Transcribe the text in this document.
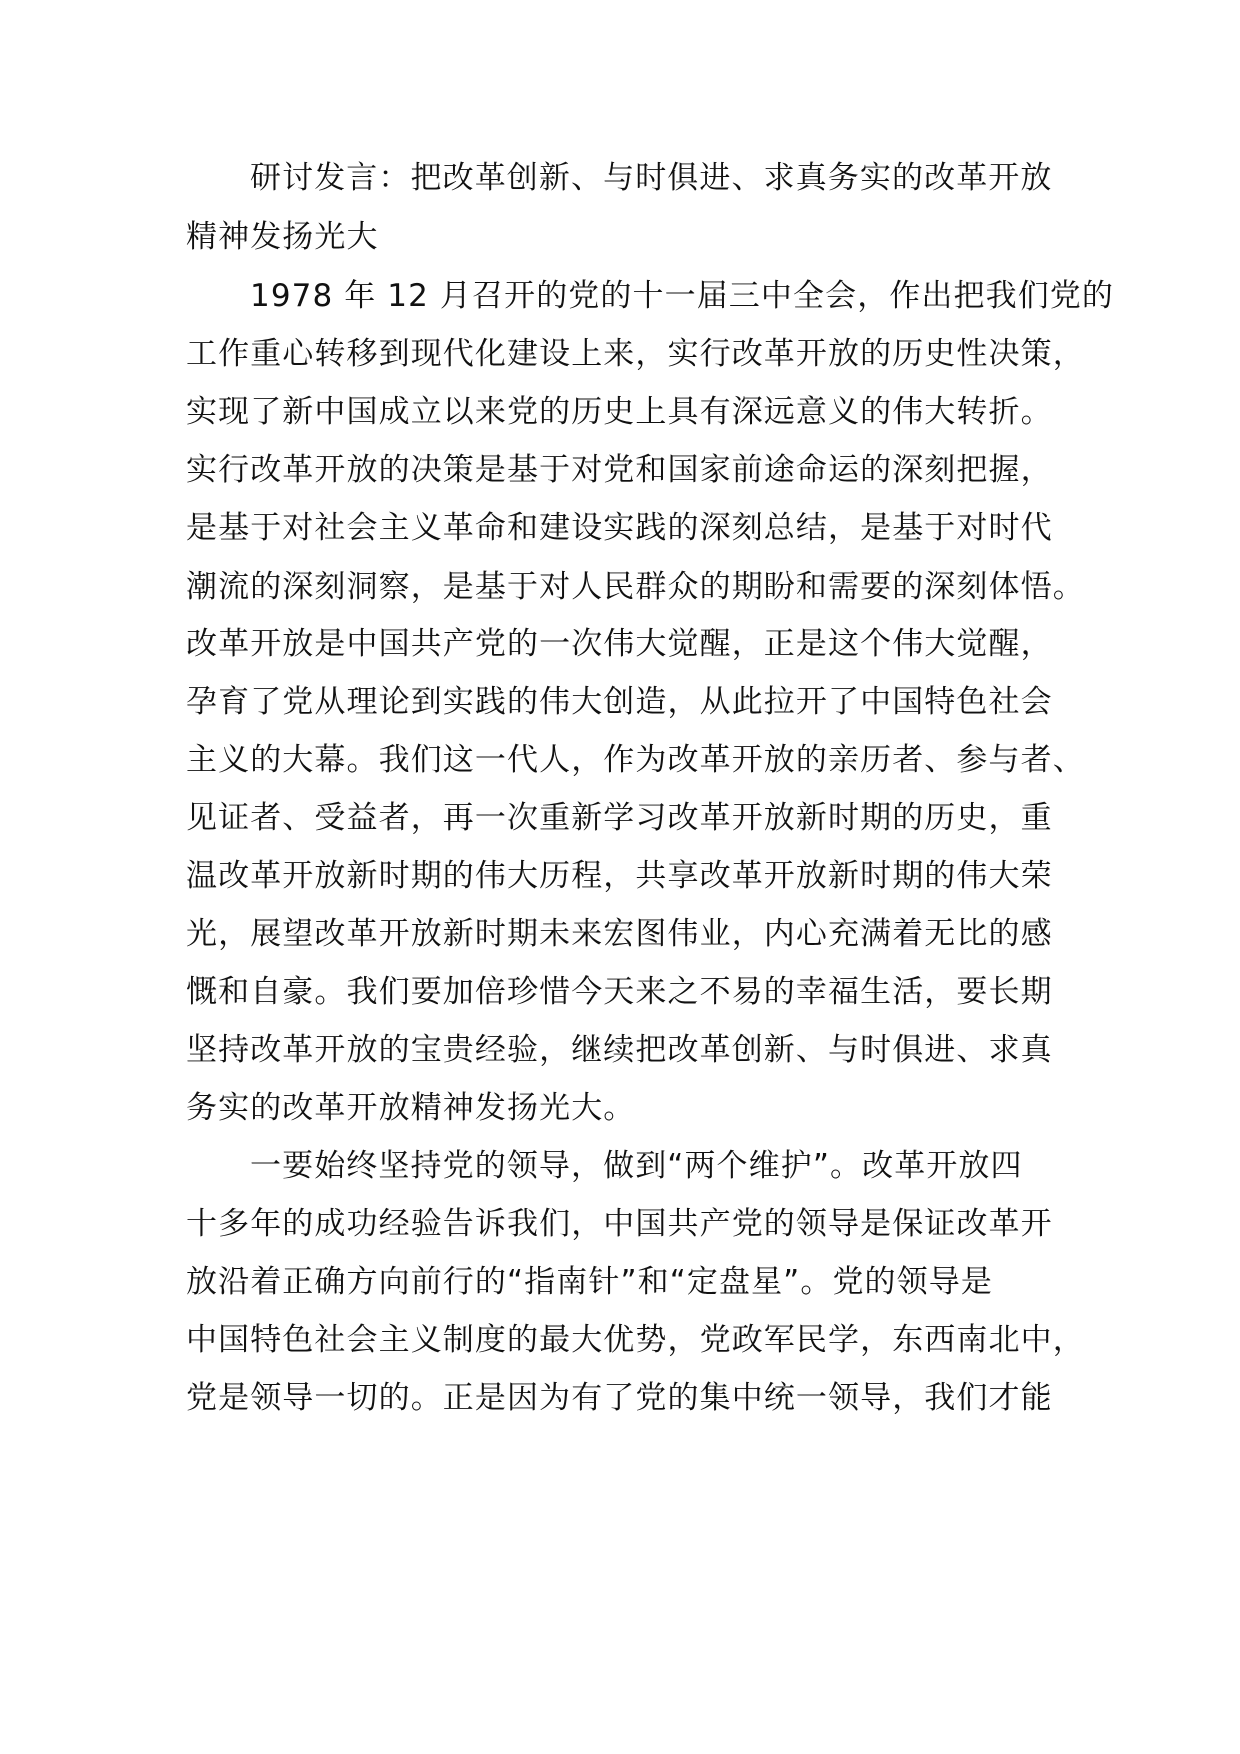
研讨发言：把改革创新、与时俱进、求真务实的改革开放

精神发扬光大

1978 年 12 月召开的党的十一届三中全会，作出把我们党的

工作重心转移到现代化建设上来，实行改革开放的历史性决策，

实现了新中国成立以来党的历史上具有深远意义的伟大转折。

实行改革开放的决策是基于对党和国家前途命运的深刻把握，

是基于对社会主义革命和建设实践的深刻总结，是基于对时代

潮流的深刻洞察，是基于对人民群众的期盼和需要的深刻体悟。

改革开放是中国共产党的一次伟大觉醒，正是这个伟大觉醒，

孕育了党从理论到实践的伟大创造，从此拉开了中国特色社会

主义的大幕。我们这一代人，作为改革开放的亲历者、参与者、

见证者、受益者，再一次重新学习改革开放新时期的历史，重

温改革开放新时期的伟大历程，共享改革开放新时期的伟大荣

光，展望改革开放新时期未来宏图伟业，内心充满着无比的感

慨和自豪。我们要加倍珍惜今天来之不易的幸福生活，要长期

坚持改革开放的宝贵经验，继续把改革创新、与时俱进、求真

务实的改革开放精神发扬光大。

一要始终坚持党的领导，做到“两个维护”。改革开放四

十多年的成功经验告诉我们，中国共产党的领导是保证改革开

放沿着正确方向前行的“指南针”和“定盘星”。党的领导是

中国特色社会主义制度的最大优势，党政军民学，东西南北中，

党是领导一切的。正是因为有了党的集中统一领导，我们才能
